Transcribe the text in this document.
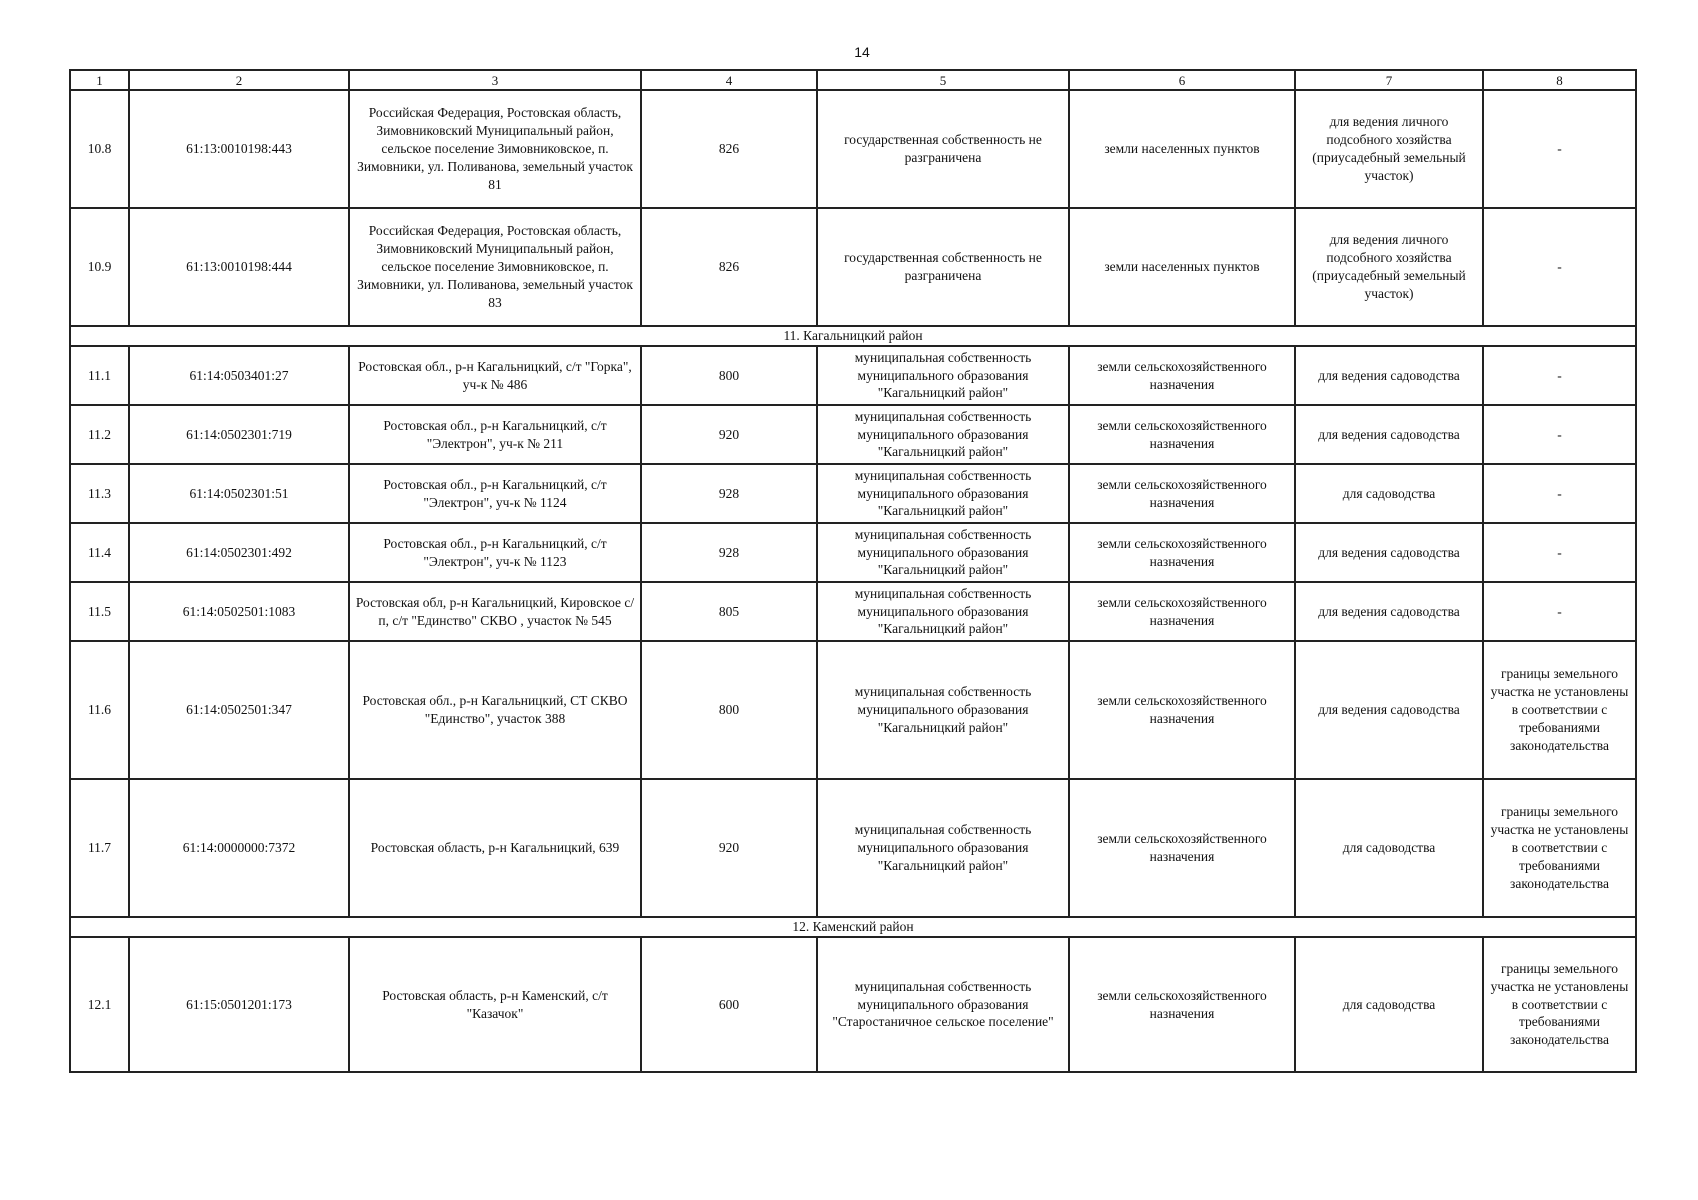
14
1	2	3	4	5	6	7	8
10.8	61:13:0010198:443	Российская Федерация, Ростовская область, Зимовниковский Муниципальный район, сельское поселение Зимовниковское, п. Зимовники, ул. Поливанова, земельный участок 81	826	государственная собственность не разграничена	земли населенных пунктов	для ведения личного подсобного хозяйства (приусадебный земельный участок)	-
10.9	61:13:0010198:444	Российская Федерация, Ростовская область, Зимовниковский Муниципальный район, сельское поселение Зимовниковское, п. Зимовники, ул. Поливанова, земельный участок 83	826	государственная собственность не разграничена	земли населенных пунктов	для ведения личного подсобного хозяйства (приусадебный земельный участок)	-
11. Кагальницкий район							
11.1	61:14:0503401:27	Ростовская обл., р-н Кагальницкий, с/т "Горка", уч-к № 486	800	муниципальная собственность муниципального образования "Кагальницкий район"	земли сельскохозяйственного назначения	для ведения садоводства	-
11.2	61:14:0502301:719	Ростовская обл., р-н Кагальницкий, с/т "Электрон", уч-к № 211	920	муниципальная собственность муниципального образования "Кагальницкий район"	земли сельскохозяйственного назначения	для ведения садоводства	-
11.3	61:14:0502301:51	Ростовская обл., р-н Кагальницкий, с/т "Электрон", уч-к № 1124	928	муниципальная собственность муниципального образования "Кагальницкий район"	земли сельскохозяйственного назначения	для садоводства	-
11.4	61:14:0502301:492	Ростовская обл., р-н Кагальницкий, с/т "Электрон", уч-к № 1123	928	муниципальная собственность муниципального образования "Кагальницкий район"	земли сельскохозяйственного назначения	для ведения садоводства	-
11.5	61:14:0502501:1083	Ростовская обл, р-н Кагальницкий, Кировское с/п, с/т "Единство" СКВО , участок № 545	805	муниципальная собственность муниципального образования "Кагальницкий район"	земли сельскохозяйственного назначения	для ведения садоводства	-
11.6	61:14:0502501:347	Ростовская обл., р-н Кагальницкий, СТ СКВО "Единство", участок 388	800	муниципальная собственность муниципального образования "Кагальницкий район"	земли сельскохозяйственного назначения	для ведения садоводства	границы земельного участка не установлены в соответствии с требованиями законодательства
11.7	61:14:0000000:7372	Ростовская область, р-н Кагальницкий, 639	920	муниципальная собственность муниципального образования "Кагальницкий район"	земли сельскохозяйственного назначения	для садоводства	границы земельного участка не установлены в соответствии с требованиями законодательства
12. Каменский район							
12.1	61:15:0501201:173	Ростовская область, р-н Каменский, с/т "Казачок"	600	муниципальная собственность муниципального образования "Старостаничное сельское поселение"	земли сельскохозяйственного назначения	для садоводства	границы земельного участка не установлены в соответствии с требованиями законодательства
